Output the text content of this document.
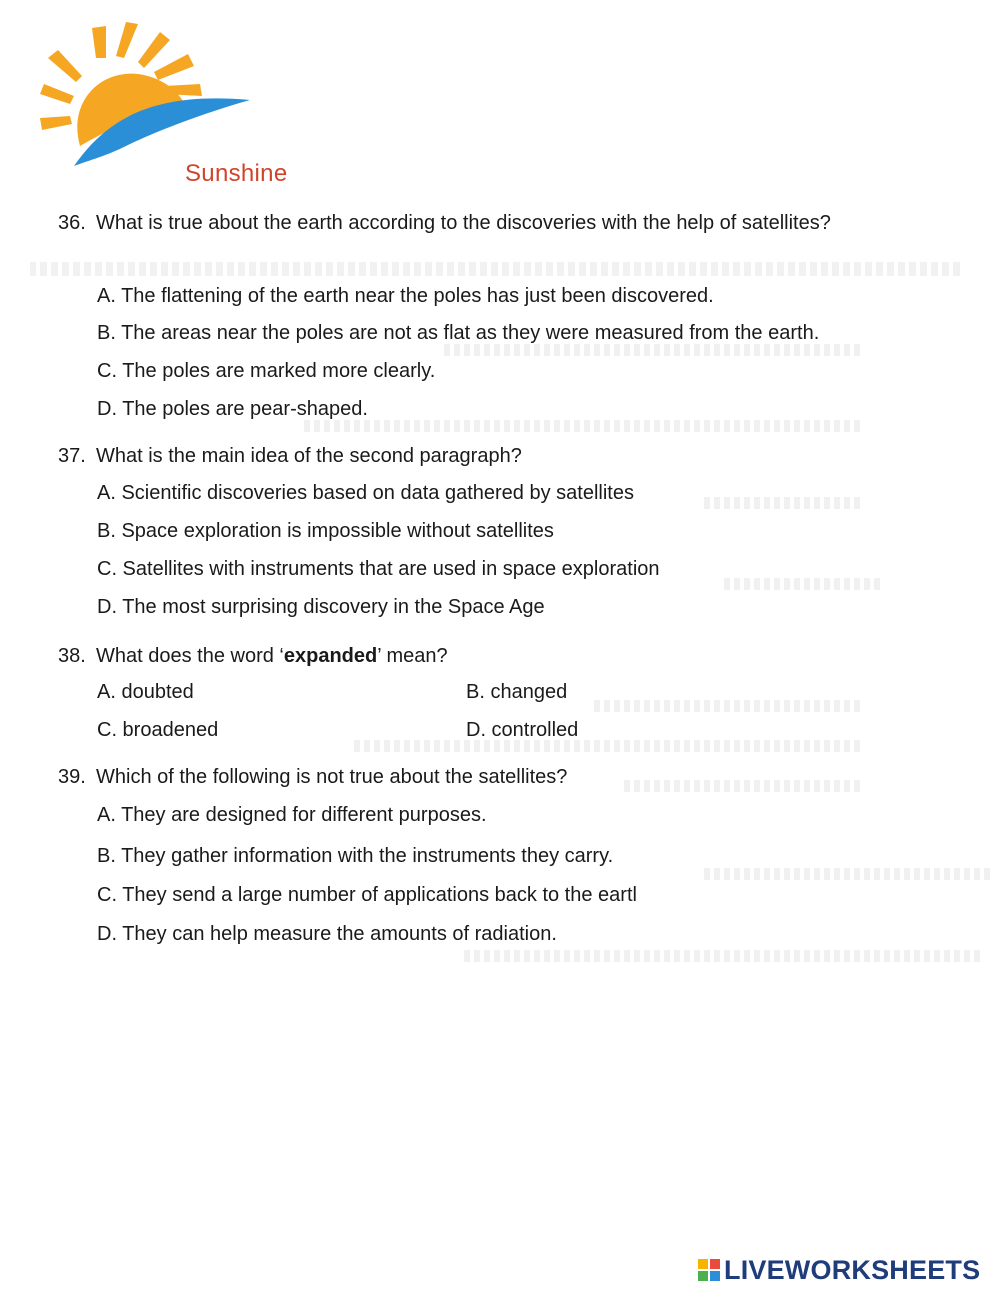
Sunshine
36. What is true about the earth according to the discoveries with the help of satellites?
A. The flattening of the earth near the poles has just been discovered.
B. The areas near the poles are not as flat as they were measured from the earth.
C. The poles are marked more clearly.
D. The poles are pear-shaped.
37. What is the main idea of the second paragraph?
A. Scientific discoveries based on data gathered by satellites
B. Space exploration is impossible without satellites
C. Satellites with instruments that are used in space exploration
D. The most surprising discovery in the Space Age
38. What does the word ‘expanded’ mean?
A. doubted	B. changed
C. broadened	D. controlled
39. Which of the following is not true about the satellites?
A. They are designed for different purposes.
B. They gather information with the instruments they carry.
C. They send a large number of applications back to the eartl
D. They can help measure the amounts of radiation.
LIVEWORKSHEETS
